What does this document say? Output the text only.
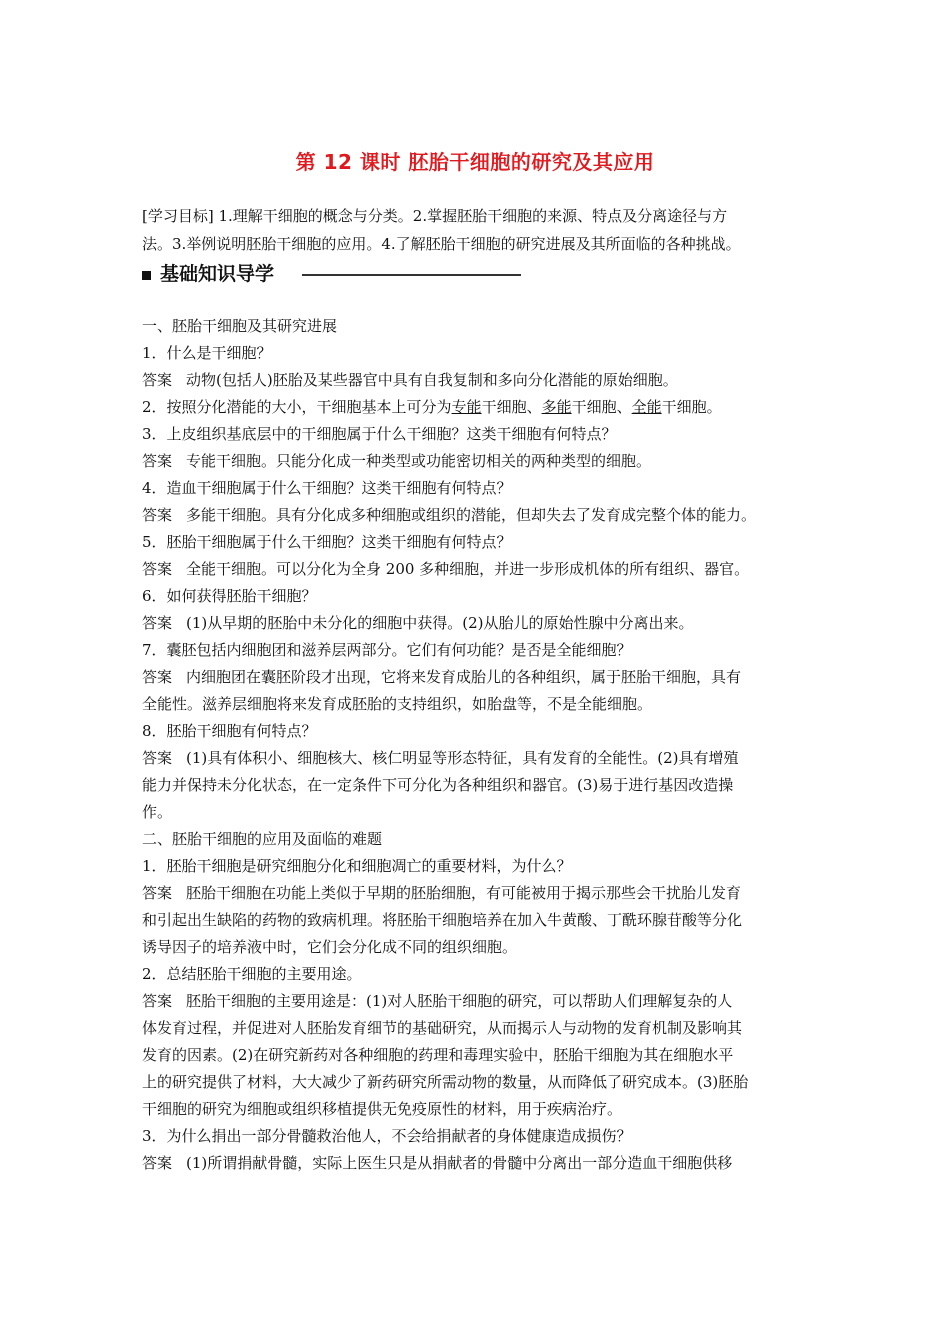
第 12 课时 胚胎干细胞的研究及其应用
[学习目标] 1.理解干细胞的概念与分类。2.掌握胚胎干细胞的来源、特点及分离途径与方
法。3.举例说明胚胎干细胞的应用。4.了解胚胎干细胞的研究进展及其所面临的各种挑战。
基础知识导学
一、胚胎干细胞及其研究进展
1．什么是干细胞？
答案 动物(包括人)胚胎及某些器官中具有自我复制和多向分化潜能的原始细胞。
2．按照分化潜能的大小，干细胞基本上可分为专能干细胞、多能干细胞、全能干细胞。
3．上皮组织基底层中的干细胞属于什么干细胞？这类干细胞有何特点？
答案 专能干细胞。只能分化成一种类型或功能密切相关的两种类型的细胞。
4．造血干细胞属于什么干细胞？这类干细胞有何特点？
答案 多能干细胞。具有分化成多种细胞或组织的潜能，但却失去了发育成完整个体的能力。
5．胚胎干细胞属于什么干细胞？这类干细胞有何特点？
答案 全能干细胞。可以分化为全身 200 多种细胞，并进一步形成机体的所有组织、器官。
6．如何获得胚胎干细胞？
答案 (1)从早期的胚胎中未分化的细胞中获得。(2)从胎儿的原始性腺中分离出来。
7．囊胚包括内细胞团和滋养层两部分。它们有何功能？是否是全能细胞？
答案 内细胞团在囊胚阶段才出现，它将来发育成胎儿的各种组织，属于胚胎干细胞，具有
全能性。滋养层细胞将来发育成胚胎的支持组织，如胎盘等，不是全能细胞。
8．胚胎干细胞有何特点？
答案 (1)具有体积小、细胞核大、核仁明显等形态特征，具有发育的全能性。(2)具有增殖
能力并保持未分化状态，在一定条件下可分化为各种组织和器官。(3)易于进行基因改造操
作。
二、胚胎干细胞的应用及面临的难题
1．胚胎干细胞是研究细胞分化和细胞凋亡的重要材料，为什么？
答案 胚胎干细胞在功能上类似于早期的胚胎细胞，有可能被用于揭示那些会干扰胎儿发育
和引起出生缺陷的药物的致病机理。将胚胎干细胞培养在加入牛黄酸、丁酰环腺苷酸等分化
诱导因子的培养液中时，它们会分化成不同的组织细胞。
2．总结胚胎干细胞的主要用途。
答案 胚胎干细胞的主要用途是：(1)对人胚胎干细胞的研究，可以帮助人们理解复杂的人
体发育过程，并促进对人胚胎发育细节的基础研究，从而揭示人与动物的发育机制及影响其
发育的因素。(2)在研究新药对各种细胞的药理和毒理实验中，胚胎干细胞为其在细胞水平
上的研究提供了材料，大大减少了新药研究所需动物的数量，从而降低了研究成本。(3)胚胎
干细胞的研究为细胞或组织移植提供无免疫原性的材料，用于疾病治疗。
3．为什么捐出一部分骨髓救治他人，不会给捐献者的身体健康造成损伤？
答案 (1)所谓捐献骨髓，实际上医生只是从捐献者的骨髓中分离出一部分造血干细胞供移
